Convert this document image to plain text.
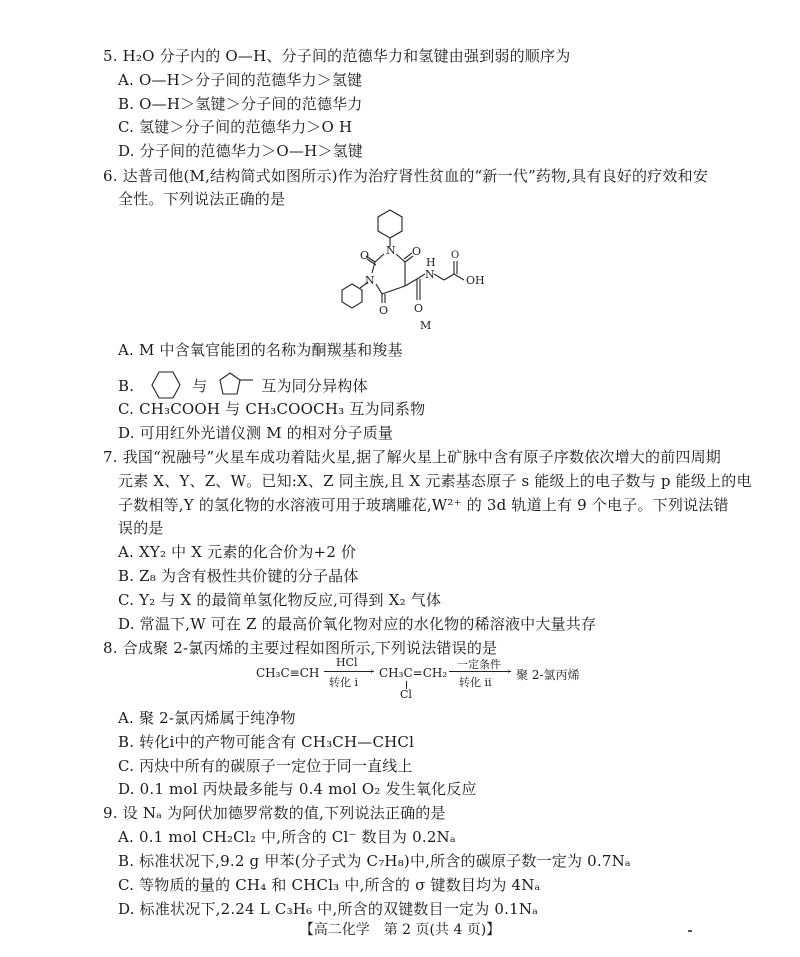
5. H₂O 分子内的 O—H、分子间的范德华力和氢键由强到弱的顺序为
A. O—H＞分子间的范德华力＞氢键
B. O—H＞氢键＞分子间的范德华力
C. 氢键＞分子间的范德华力＞O H
D. 分子间的范德华力＞O—H＞氢键
6. 达普司他(M,结构简式如图所示)作为治疗肾性贫血的“新一代”药物,具有良好的疗效和安
全性。下列说法正确的是
N
N
O	O
O O
N
H
O
OH
M
A. M 中含氧官能团的名称为酮羰基和羧基
B.	与	互为同分异构体
C. CH₃COOH 与 CH₃COOCH₃ 互为同系物
D. 可用红外光谱仪测 M 的相对分子质量
7. 我国“祝融号”火星车成功着陆火星,据了解火星上矿脉中含有原子序数依次增大的前四周期
元素 X、Y、Z、W。已知:X、Z 同主族,且 X 元素基态原子 s 能级上的电子数与 p 能级上的电
子数相等,Y 的氢化物的水溶液可用于玻璃雕花,W²⁺ 的 3d 轨道上有 9 个电子。下列说法错
误的是
A. XY₂ 中 X 元素的化合价为+2 价
B. Z₈ 为含有极性共价键的分子晶体
C. Y₂ 与 X 的最简单氢化物反应,可得到 X₂ 气体
D. 常温下,W 可在 Z 的最高价氧化物对应的水化物的稀溶液中大量共存
8. 合成聚 2-氯丙烯的主要过程如图所示,下列说法错误的是
CH₃C≡CH
HCl
›
转化 ⅰ
CH₃C=CH₂
Cl
一定条件
›
转化 ⅱ
聚 2-氯丙烯
A. 聚 2-氯丙烯属于纯净物
B. 转化ⅰ中的产物可能含有 CH₃CH—CHCl
C. 丙炔中所有的碳原子一定位于同一直线上
D. 0.1 mol 丙炔最多能与 0.4 mol O₂ 发生氧化反应
9. 设 Nₐ 为阿伏加德罗常数的值,下列说法正确的是
A. 0.1 mol CH₂Cl₂ 中,所含的 Cl⁻ 数目为 0.2Nₐ
B. 标准状况下,9.2 g 甲苯(分子式为 C₇H₈)中,所含的碳原子数一定为 0.7Nₐ
C. 等物质的量的 CH₄ 和 CHCl₃ 中,所含的 σ 键数目均为 4Nₐ
D. 标准状况下,2.24 L C₃H₆ 中,所含的双键数目一定为 0.1Nₐ
【高二化学　第 2 页(共 4 页)】
